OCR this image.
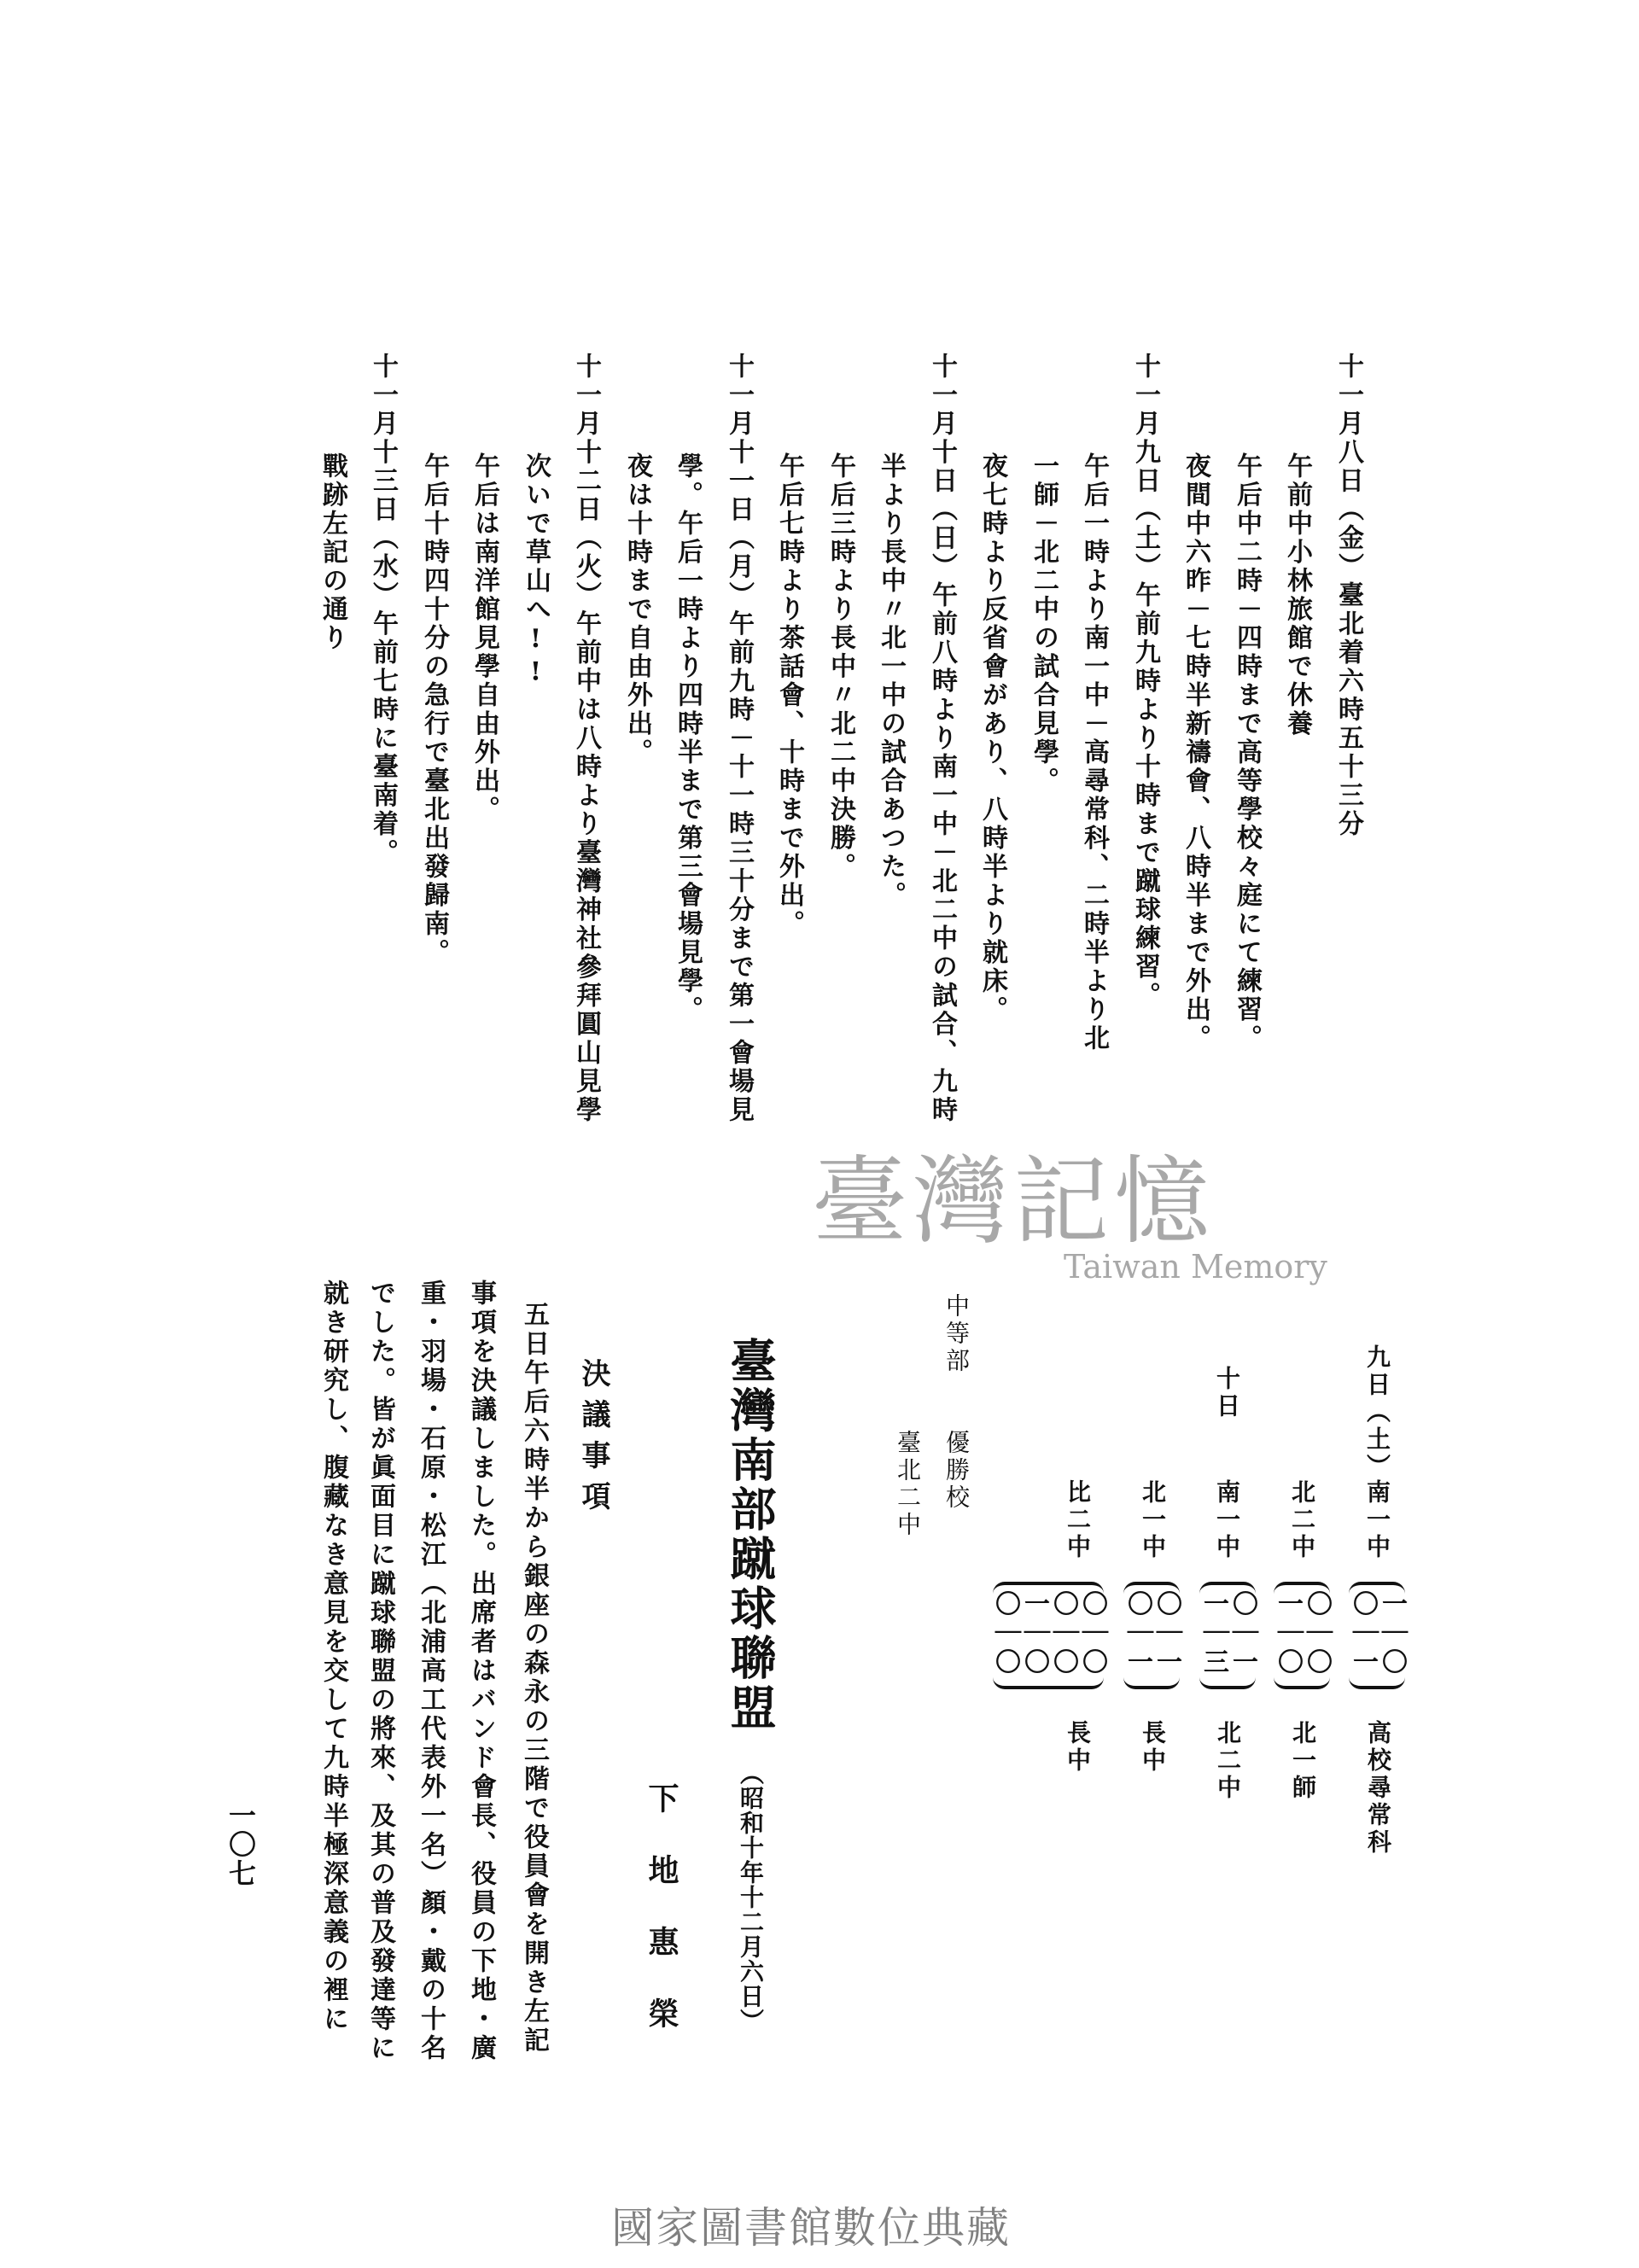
十一月八日（金）臺北着六時五十三分
午前中小林旅館で休養
午后中二時－四時まで高等學校々庭にて練習。
夜間中六昨－七時半新禱會、八時半まで外出。
十一月九日（土）午前九時より十時まで蹴球練習。
午后一時より南一中－高尋常科、二時半より北
一師－北二中の試合見學。
夜七時より反省會があり、八時半より就床。
十一月十日（日）午前八時より南一中－北二中の試合、九時
半より長中〃北一中の試合あつた。
午后三時より長中〃北二中決勝。
午后七時より茶話會、十時まで外出。
十一月十一日（月）午前九時－十一時三十分まで第一會場見
學。午后一時より四時半まで第三會場見學。
夜は十時まで自由外出。
十一月十二日（火）午前中は八時より臺灣神社參拜圓山見學
次いで草山へ!!
午后は南洋館見學自由外出。
午后十時四十分の急行で臺北出發歸南。
十一月十三日（水）午前七時に臺南着。
戰跡左記の通り
臺灣記憶
Taiwan Memory
九日（土）
十日
南一中
北二中
南一中
北一中
比二中
一｜〇
〇｜一
〇｜〇
一｜〇
〇｜一
一｜三
〇｜一
〇｜一
〇｜〇
〇｜〇
一｜〇
〇｜〇
高校尋常科
北一師
北二中
長中
長中
中等部
優勝校
臺北二中
臺灣南部蹴球聯盟
（昭和十年十二月六日）
下地惠榮
決議事項
五日午后六時半から銀座の森永の三階で役員會を開き左記
事項を決議しました。出席者はバンド會長、役員の下地・廣
重・羽場・石原・松江（北浦高工代表外一名）顏・戴の十名
でした。皆が眞面目に蹴球聯盟の將來、及其の普及發達等に
就き研究し、腹藏なき意見を交して九時半極深意義の裡に
一〇七
國家圖書館數位典藏
